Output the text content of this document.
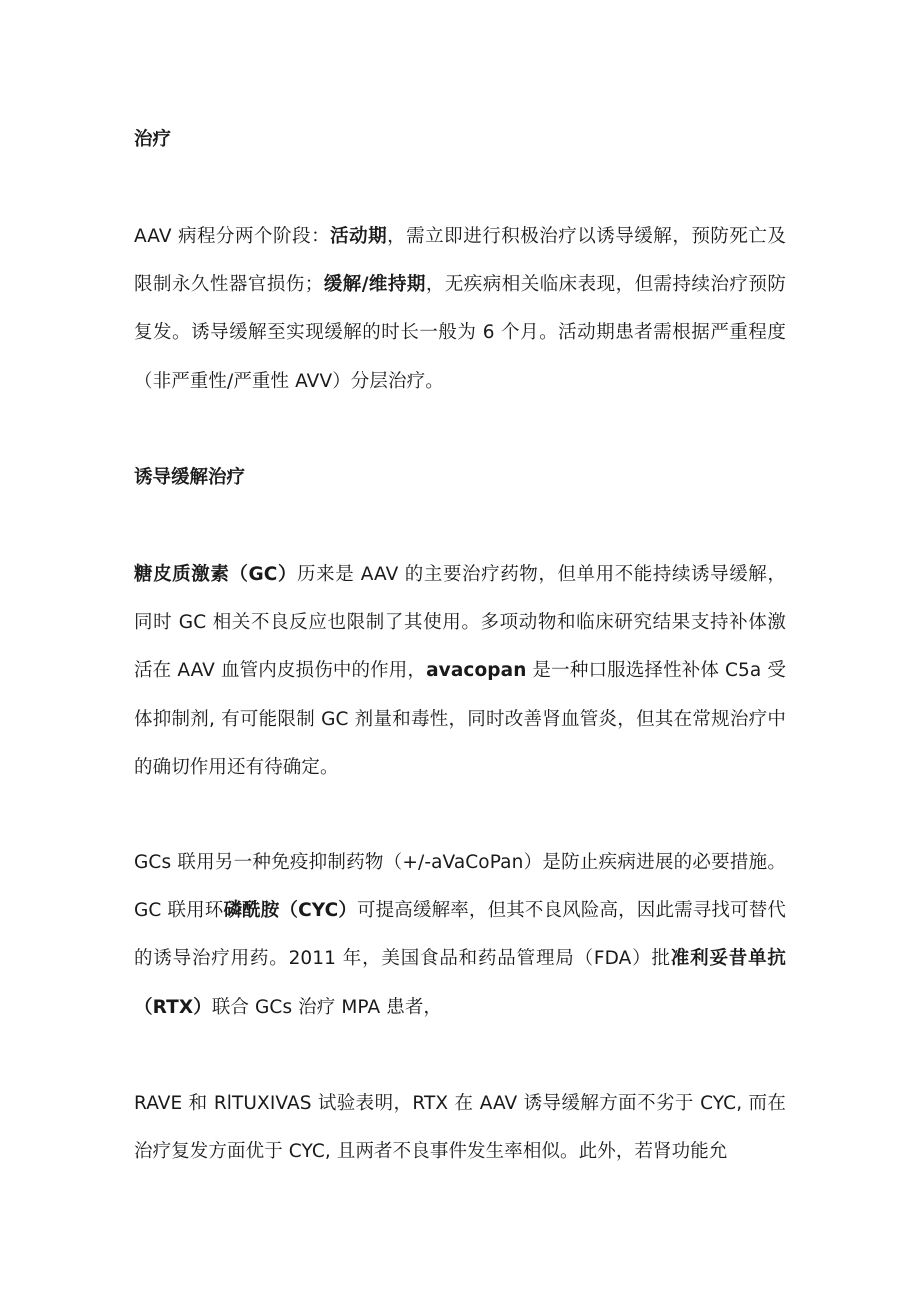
治疗

AAV 病程分两个阶段：活动期，需立即进行积极治疗以诱导缓解，预防死亡及限制永久性器官损伤；缓解/维持期，无疾病相关临床表现，但需持续治疗预防复发。诱导缓解至实现缓解的时长一般为 6 个月。活动期患者需根据严重程度（非严重性/严重性 AVV）分层治疗。

诱导缓解治疗

糖皮质激素（GC）历来是 AAV 的主要治疗药物，但单用不能持续诱导缓解，同时 GC 相关不良反应也限制了其使用。多项动物和临床研究结果支持补体激活在 AAV 血管内皮损伤中的作用，avacopan 是一种口服选择性补体 C5a 受体抑制剂, 有可能限制 GC 剂量和毒性，同时改善肾血管炎，但其在常规治疗中的确切作用还有待确定。

GCs 联用另一种免疫抑制药物（+/-aVaCoPan）是防止疾病进展的必要措施。GC 联用环磷酰胺（CYC）可提高缓解率，但其不良风险高，因此需寻找可替代的诱导治疗用药。2011 年，美国食品和药品管理局（FDA）批准利妥昔单抗（RTX）联合 GCs 治疗 MPA 患者，

RAVE 和 RlTUXIVAS 试验表明，RTX 在 AAV 诱导缓解方面不劣于 CYC, 而在治疗复发方面优于 CYC, 且两者不良事件发生率相似。此外，若肾功能允
